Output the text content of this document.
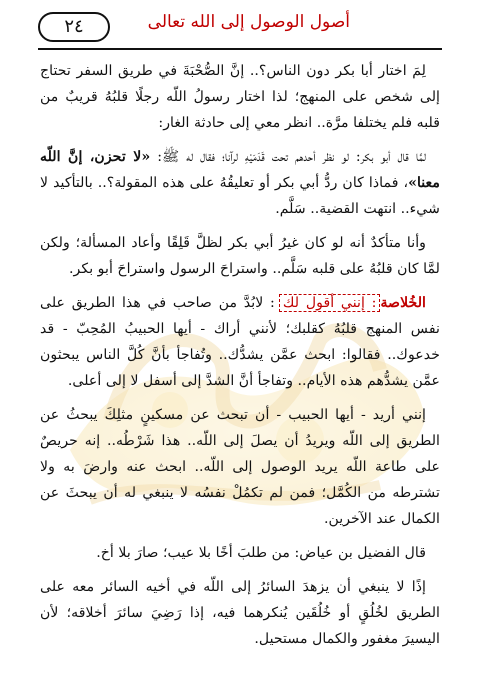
أصول الوصول إلى الله تعالى
٢٤

لِمَ اختار أبا بكر دون الناس؟.. إنَّ الصُّحْبَةَ في طريق السفر تحتاج إلى شخص على المنهج؛ لذا اختار رسولُ اللّه رجلًا قلبُهُ قريبٌ من قلبه فلم يختلفا مرَّة.. انظر معي إلى حادثة الغار:

لمَّا قال أبو بكر: لو نظر أحدهم تحت قَدَمَيْهِ لرآنا؛ فقال له ﷺ: «لا تحزن، إنَّ اللّه معنا»، فماذا كان ردُّ أبي بكر أو تعليقُهُ على هذه المقولة؟.. بالتأكيد لا شيء.. انتهت القضية.. سَلَّم.

وأنا متأكدٌ أنه لو كان غيرُ أبي بكر لظلَّ قَلِقًا وأعاد المسألة؛ ولكن لمَّا كان قلبُهُ على قلبه سَلَّم.. واستراحَ الرسول واستراحَ أبو بكر.

الخُلاصة: إنني أقول لك: لابُدَّ من صاحب في هذا الطريق على نفس المنهج قلبُهُ كقلبك؛ لأنني أراك - أيها الحبيبُ المُحِبّ - قد خدعوك.. فقالوا: ابحث عمَّن يشدُّك.. وتُفاجأ بأنَّ كُلَّ الناس يبحثون عمَّن يشدُّهم هذه الأيام.. وتفاجأ أنَّ الشدَّ إلى أسفل لا إلى أعلى.

إنني أريد - أيها الحبيب - أن تبحث عن مسكينٍ مثلِكَ يبحثُ عن الطريق إلى اللّه ويريدُ أن يصلَ إلى اللّه.. هذا شَرْطُه.. إنه حريصٌ على طاعة اللّه يريد الوصول إلى اللّه.. ابحث عنه وارضَ به ولا تشترطه من الكُمَّل؛ فمن لم تكمُلْ نفسُه لا ينبغي له أن يبحثَ عن الكمال عند الآخرين.

قال الفضيل بن عياض: من طلبَ أخًا بلا عيب؛ صارَ بلا أخ.

إذًا لا ينبغي أن يزهدَ السائرُ إلى اللّه في أخيه السائر معه على الطريق لخُلُقٍ أو خُلُقَين يُنكرهما فيه، إذا رَضِيَ سائرَ أخلاقه؛ لأن اليسيرَ مغفور والكمال مستحيل.
